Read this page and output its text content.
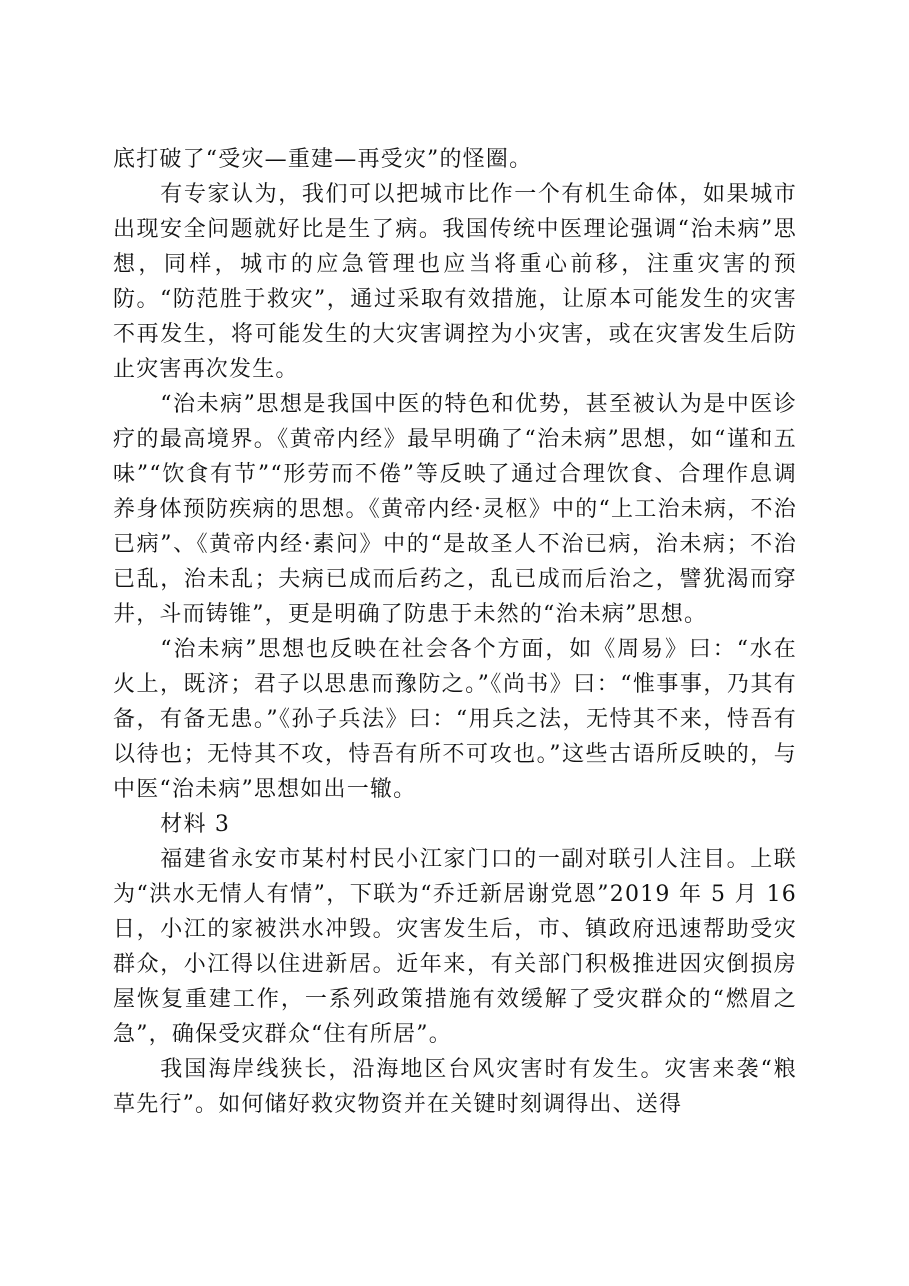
底打破了“受灾—重建—再受灾”的怪圈。

有专家认为，我们可以把城市比作一个有机生命体，如果城市出现安全问题就好比是生了病。我国传统中医理论强调“治未病”思想，同样，城市的应急管理也应当将重心前移，注重灾害的预防。“防范胜于救灾”，通过采取有效措施，让原本可能发生的灾害不再发生，将可能发生的大灾害调控为小灾害，或在灾害发生后防止灾害再次发生。

“治未病”思想是我国中医的特色和优势，甚至被认为是中医诊疗的最高境界。《黄帝内经》最早明确了“治未病”思想，如“谨和五味”“饮食有节”“形劳而不倦”等反映了通过合理饮食、合理作息调养身体预防疾病的思想。《黄帝内经·灵枢》中的“上工治未病，不治已病”、《黄帝内经·素问》中的“是故圣人不治已病，治未病；不治已乱，治未乱；夫病已成而后药之，乱已成而后治之，譬犹渴而穿井，斗而铸锥”，更是明确了防患于未然的“治未病”思想。

“治未病”思想也反映在社会各个方面，如《周易》曰：“水在火上，既济；君子以思患而豫防之。”《尚书》曰：“惟事事，乃其有备，有备无患。”《孙子兵法》曰：“用兵之法，无恃其不来，恃吾有以待也；无恃其不攻，恃吾有所不可攻也。”这些古语所反映的，与中医“治未病”思想如出一辙。

材料 3

福建省永安市某村村民小江家门口的一副对联引人注目。上联为“洪水无情人有情”，下联为“乔迁新居谢党恩”2019 年 5 月 16 日，小江的家被洪水冲毁。灾害发生后，市、镇政府迅速帮助受灾群众，小江得以住进新居。近年来，有关部门积极推进因灾倒损房屋恢复重建工作，一系列政策措施有效缓解了受灾群众的“燃眉之急”，确保受灾群众“住有所居”。

我国海岸线狭长，沿海地区台风灾害时有发生。灾害来袭“粮草先行”。如何储好救灾物资并在关键时刻调得出、送得
